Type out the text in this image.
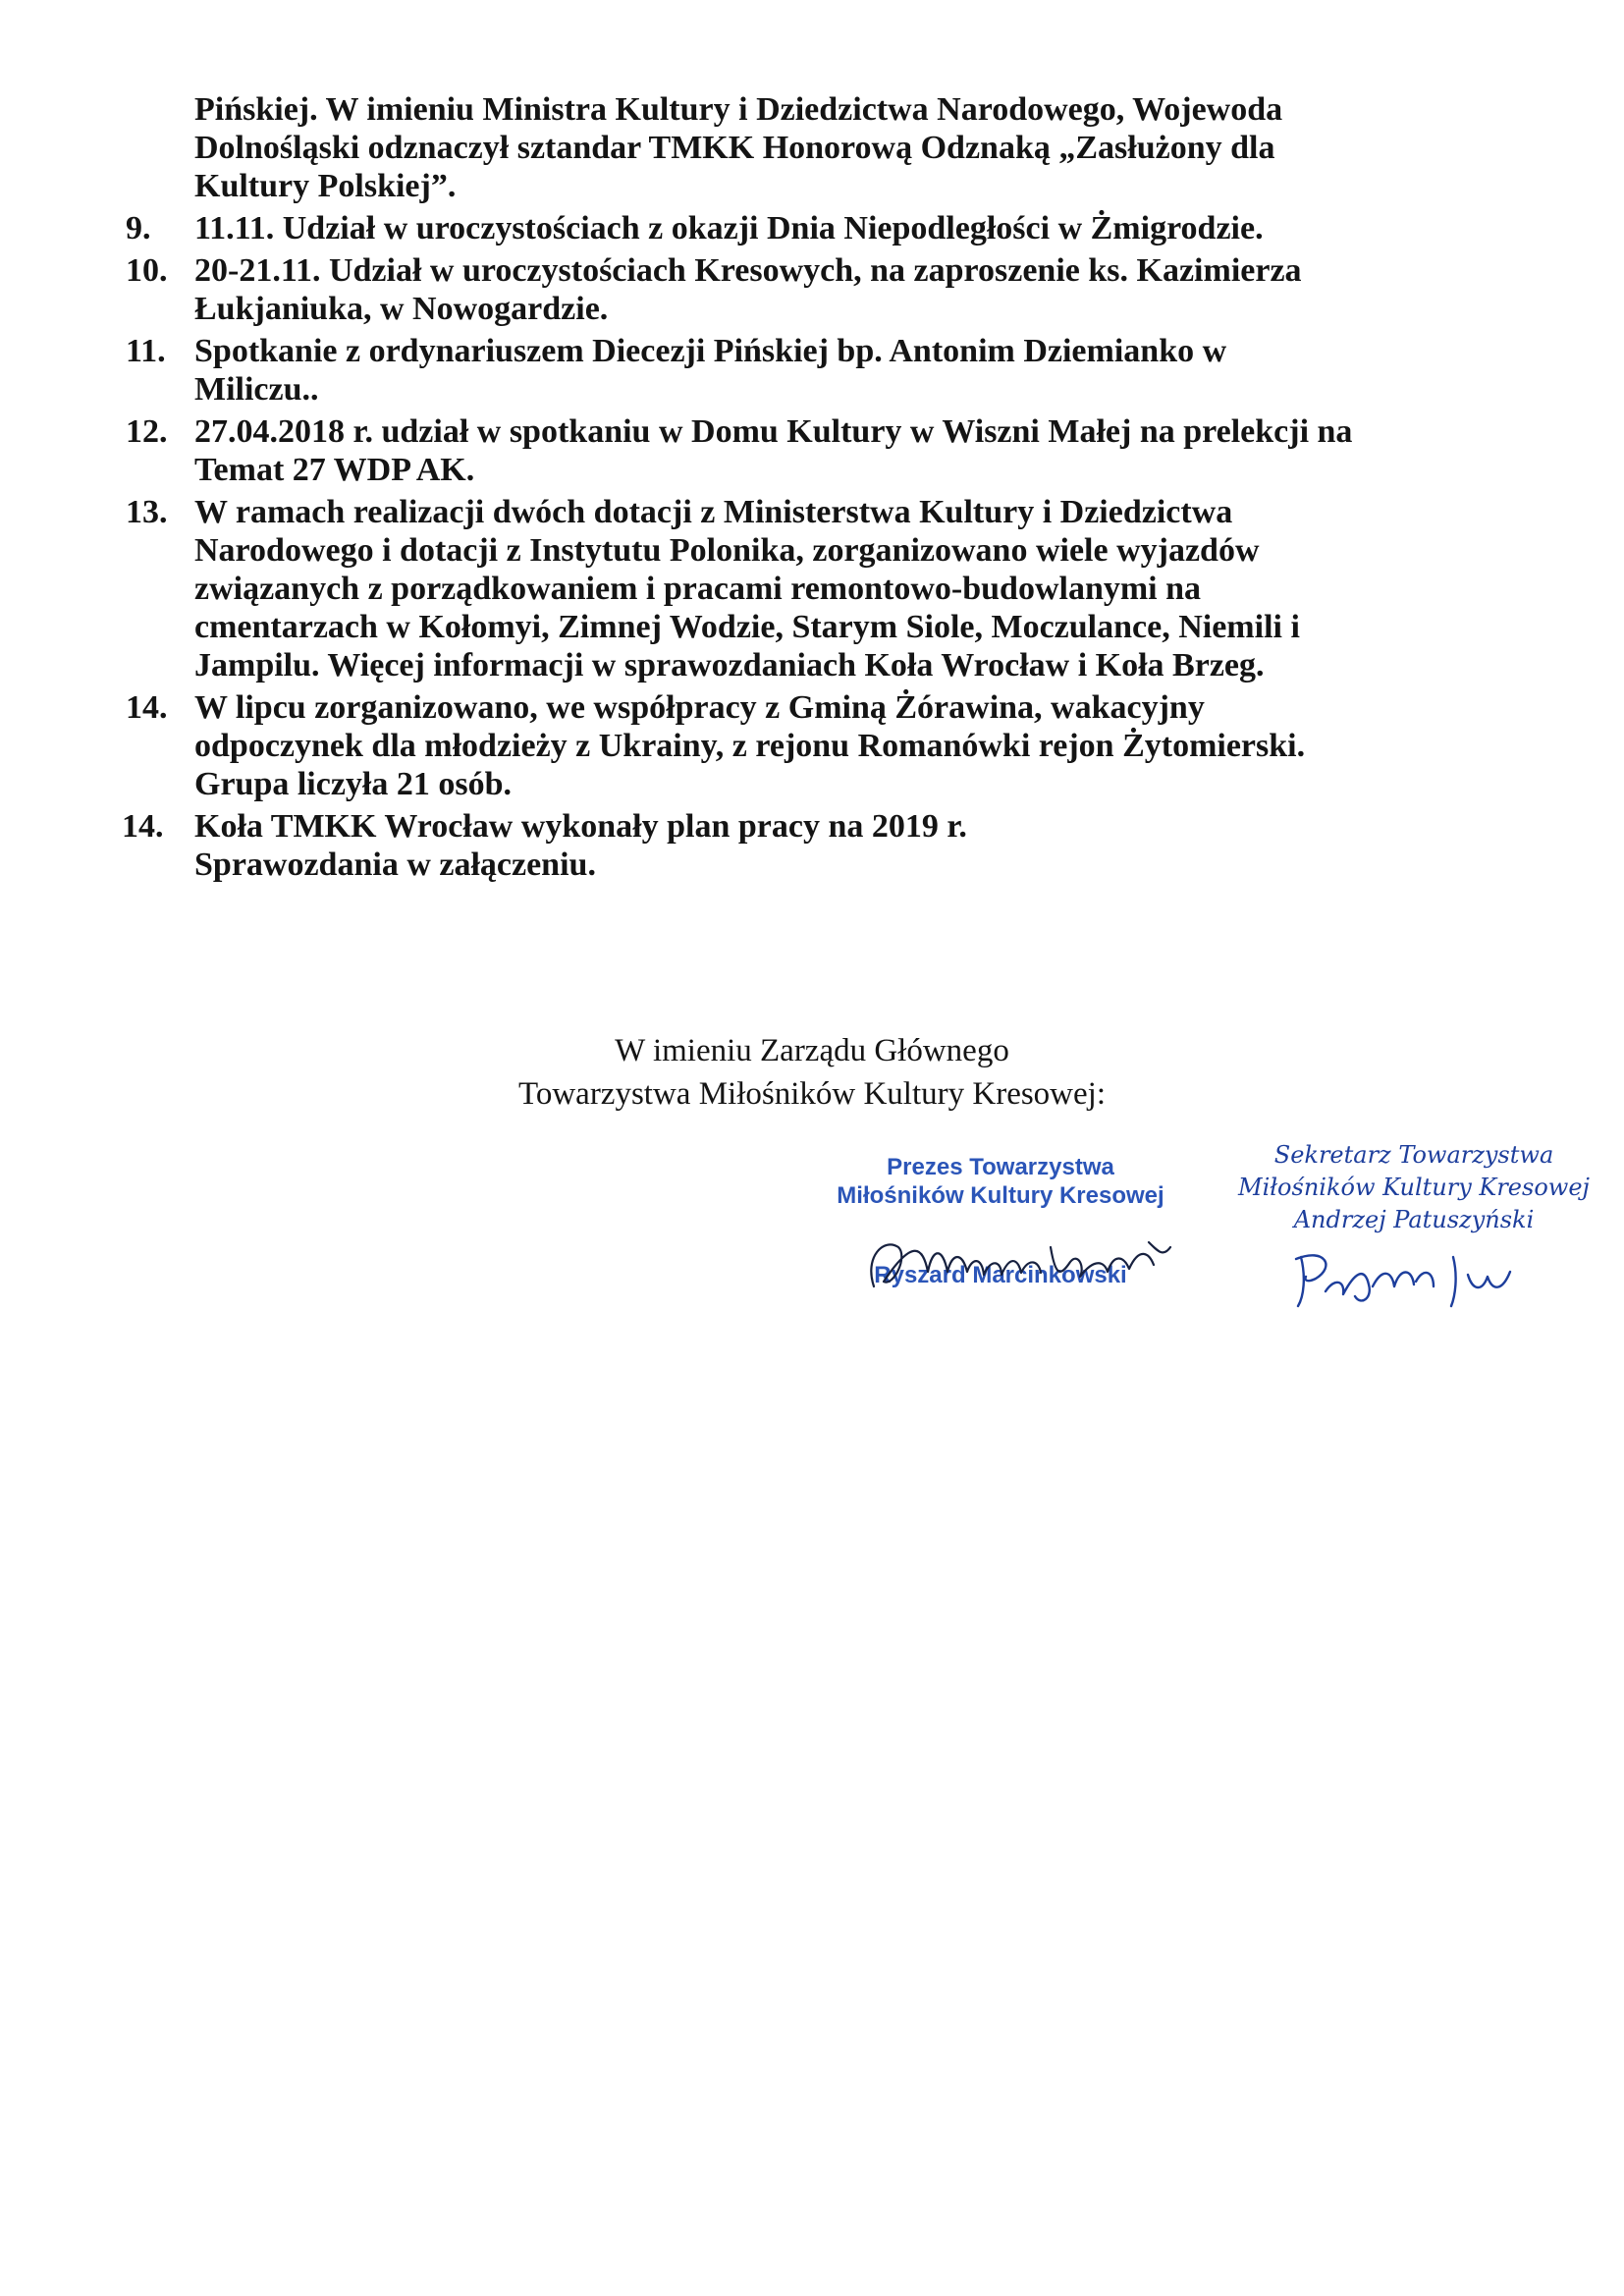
Pińskiej. W imieniu Ministra Kultury i Dziedzictwa Narodowego, Wojewoda
Dolnośląski odznaczył sztandar TMKK Honorową Odznaką „Zasłużony dla
Kultury Polskiej”.
9.	11.11. Udział w uroczystościach z okazji Dnia Niepodległości w Żmigrodzie.
10. 20-21.11. Udział w uroczystościach Kresowych, na zaproszenie ks. Kazimierza
Łukjaniuka, w Nowogardzie.
11. Spotkanie z ordynariuszem Diecezji Pińskiej bp. Antonim Dziemianko w
Miliczu..
12. 27.04.2018 r. udział w spotkaniu w Domu Kultury w Wiszni Małej na prelekcji na
Temat 27 WDP AK.
13. W ramach realizacji dwóch dotacji z Ministerstwa Kultury i Dziedzictwa
Narodowego i dotacji z Instytutu Polonika, zorganizowano wiele wyjazdów
związanych z porządkowaniem i pracami remontowo-budowlanymi na
cmentarzach w Kołomyi, Zimnej Wodzie, Starym Siole, Moczulance, Niemili i
Jampilu. Więcej informacji w sprawozdaniach Koła Wrocław i Koła Brzeg.
14. W lipcu zorganizowano, we współpracy z Gminą Żórawina, wakacyjny
odpoczynek dla młodzieży z Ukrainy, z rejonu Romanówki rejon Żytomierski.
Grupa liczyła 21 osób.
14. Koła TMKK Wrocław wykonały plan pracy na 2019 r.
Sprawozdania w załączeniu.
W imieniu Zarządu Głównego
Towarzystwa Miłośników Kultury Kresowej:
Prezes Towarzystwa
Miłośników Kultury Kresowej
Ryszard Marcinkowski
Sekretarz Towarzystwa
Miłośników Kultury Kresowej
Andrzej Patuszyński
